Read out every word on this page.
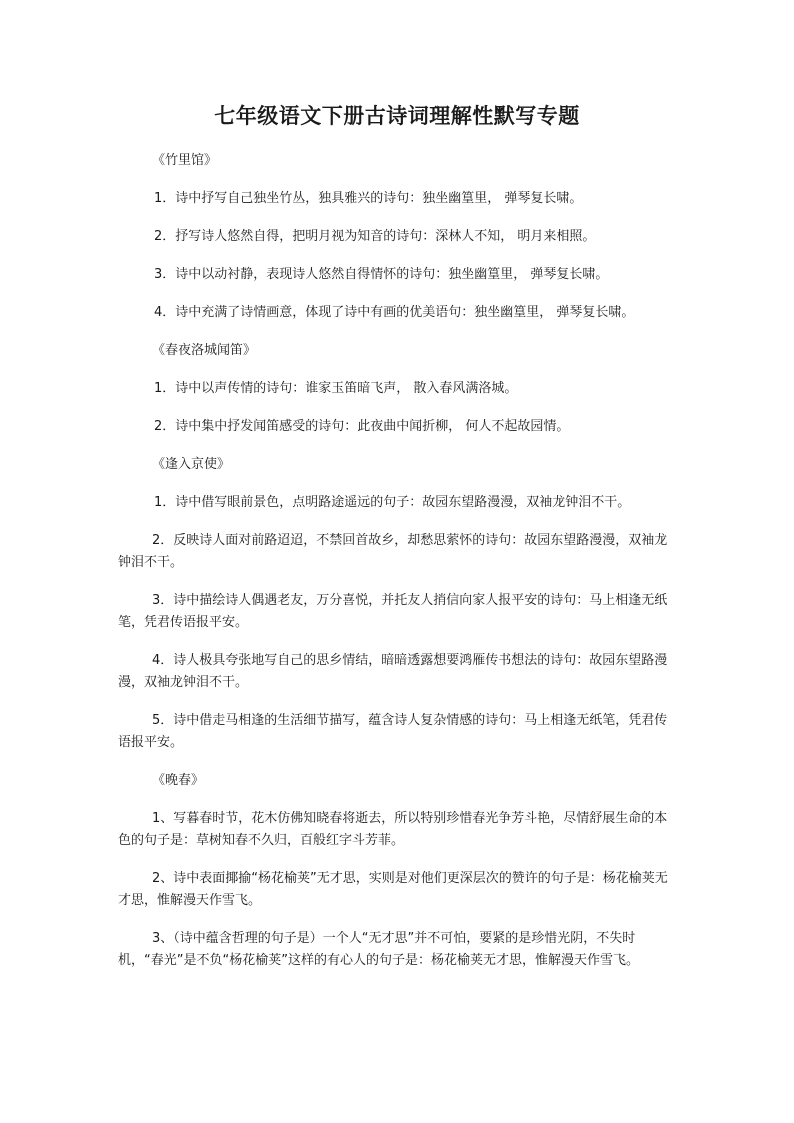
七年级语文下册古诗词理解性默写专题

《竹里馆》

1．诗中抒写自己独坐竹丛，独具雅兴的诗句：独坐幽篁里， 弹琴复长啸。

2．抒写诗人悠然自得，把明月视为知音的诗句：深林人不知， 明月来相照。

3．诗中以动衬静，表现诗人悠然自得情怀的诗句：独坐幽篁里， 弹琴复长啸。

4．诗中充满了诗情画意，体现了诗中有画的优美语句：独坐幽篁里， 弹琴复长啸。

《春夜洛城闻笛》

1．诗中以声传情的诗句：谁家玉笛暗飞声， 散入春风满洛城。

2．诗中集中抒发闻笛感受的诗句：此夜曲中闻折柳， 何人不起故园情。

《逢入京使》

1．诗中借写眼前景色，点明路途遥远的句子：故园东望路漫漫，双袖龙钟泪不干。

2．反映诗人面对前路迢迢，不禁回首故乡，却愁思萦怀的诗句：故园东望路漫漫，双袖龙钟泪不干。

3．诗中描绘诗人偶遇老友，万分喜悦，并托友人捎信向家人报平安的诗句：马上相逢无纸笔，凭君传语报平安。

4．诗人极具夸张地写自己的思乡情结，暗暗透露想要鸿雁传书想法的诗句：故园东望路漫漫，双袖龙钟泪不干。

5．诗中借走马相逢的生活细节描写，蕴含诗人复杂情感的诗句：马上相逢无纸笔，凭君传语报平安。

《晚春》

1、写暮春时节，花木仿佛知晓春将逝去，所以特别珍惜春光争芳斗艳，尽情舒展生命的本色的句子是：草树知春不久归，百般红字斗芳菲。

2、诗中表面揶揄“杨花榆荚”无才思，实则是对他们更深层次的赞许的句子是：杨花榆荚无才思，惟解漫天作雪飞。

3、（诗中蕴含哲理的句子是）一个人“无才思”并不可怕，要紧的是珍惜光阴，不失时机，“春光”是不负“杨花榆荚”这样的有心人的句子是：杨花榆荚无才思，惟解漫天作雪飞。
